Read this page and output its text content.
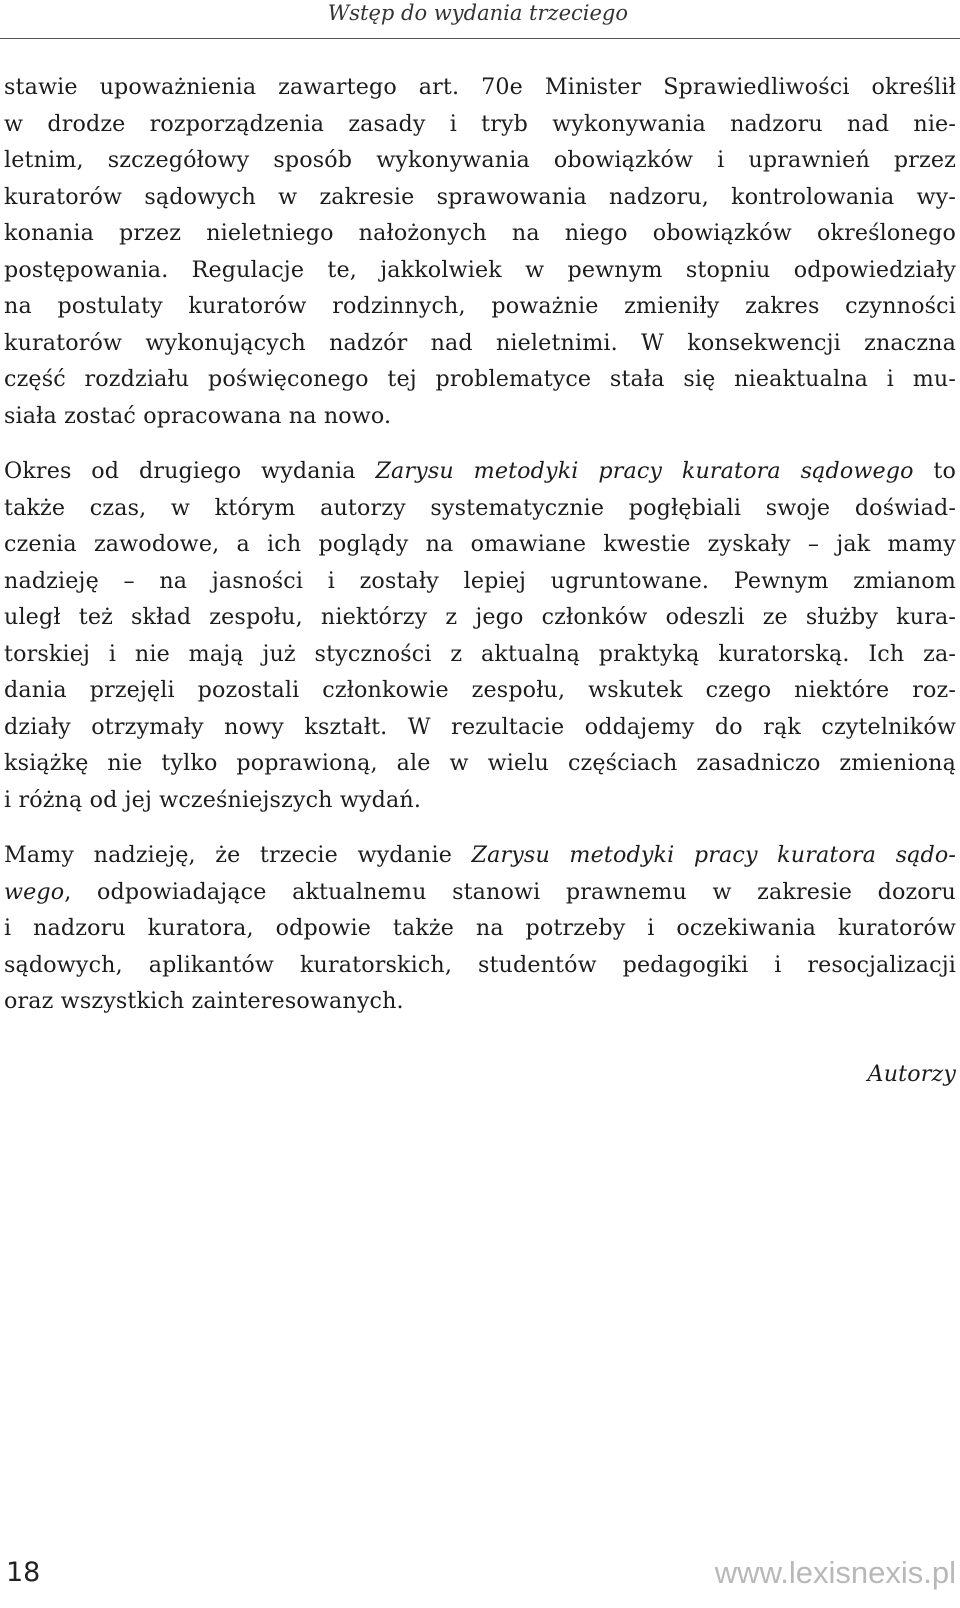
Wstęp do wydania trzeciego
stawie upoważnienia zawartego art. 70e Minister Sprawiedliwości określił
w drodze rozporządzenia zasady i tryb wykonywania nadzoru nad nie-
letnim, szczegółowy sposób wykonywania obowiązków i uprawnień przez
kuratorów sądowych w zakresie sprawowania nadzoru, kontrolowania wy-
konania przez nieletniego nałożonych na niego obowiązków określonego
postępowania. Regulacje te, jakkolwiek w pewnym stopniu odpowiedziały
na postulaty kuratorów rodzinnych, poważnie zmieniły zakres czynności
kuratorów wykonujących nadzór nad nieletnimi. W konsekwencji znaczna
część rozdziału poświęconego tej problematyce stała się nieaktualna i mu-
siała zostać opracowana na nowo.
Okres od drugiego wydania Zarysu metodyki pracy kuratora sądowego to
także czas, w którym autorzy systematycznie pogłębiali swoje doświad-
czenia zawodowe, a ich poglądy na omawiane kwestie zyskały – jak mamy
nadzieję – na jasności i zostały lepiej ugruntowane. Pewnym zmianom
uległ też skład zespołu, niektórzy z jego członków odeszli ze służby kura-
torskiej i nie mają już styczności z aktualną praktyką kuratorską. Ich za-
dania przejęli pozostali członkowie zespołu, wskutek czego niektóre roz-
działy otrzymały nowy kształt. W rezultacie oddajemy do rąk czytelników
książkę nie tylko poprawioną, ale w wielu częściach zasadniczo zmienioną
i różną od jej wcześniejszych wydań.
Mamy nadzieję, że trzecie wydanie Zarysu metodyki pracy kuratora sądo-
wego, odpowiadające aktualnemu stanowi prawnemu w zakresie dozoru
i nadzoru kuratora, odpowie także na potrzeby i oczekiwania kuratorów
sądowych, aplikantów kuratorskich, studentów pedagogiki i resocjalizacji
oraz wszystkich zainteresowanych.
Autorzy
18	www.lexisnexis.pl
